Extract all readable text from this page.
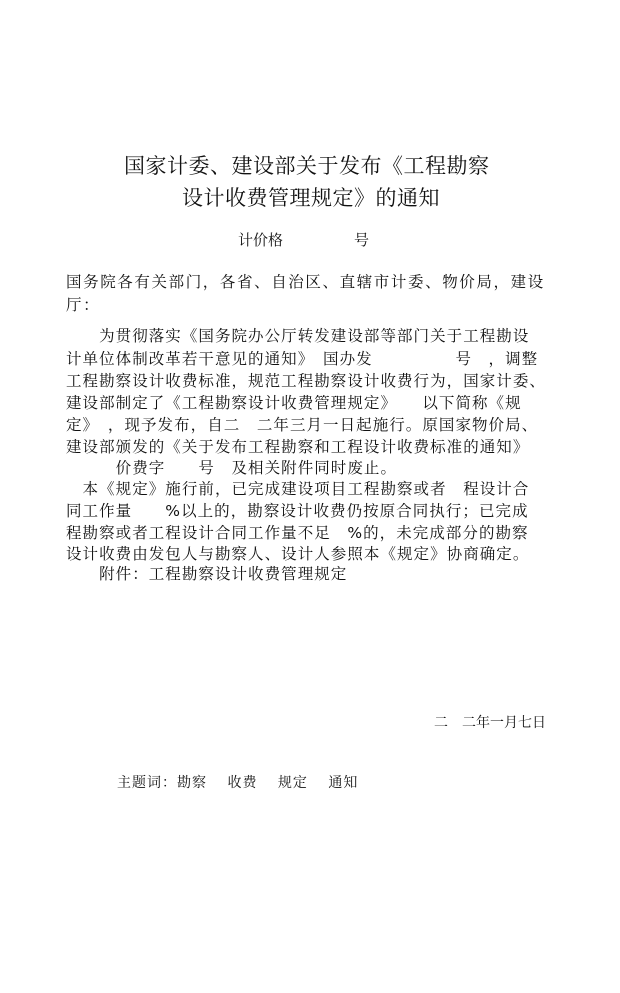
国家计委、建设部关于发布《工程勘察
设计收费管理规定》的通知
计价格	号
国务院各有关部门，各省、自治区、直辖市计委、物价局，建设
厅：
　　为贯彻落实《国务院办公厅转发建设部等部门关于工程勘设
计单位体制改革若干意见的通知》　国办发　　　　　号　，调整
工程勘察设计收费标准，规范工程勘察设计收费行为，国家计委、
建设部制定了《工程勘察设计收费管理规定》　　以下简称《规
定》　，现予发布，自二　二年三月一日起施行。原国家物价局、
建设部颁发的《关于发布工程勘察和工程设计收费标准的通知》
　　　价费字　　号　及相关附件同时废止。
　本《规定》施行前，已完成建设项目工程勘察或者　程设计合
同工作量　　%以上的，勘察设计收费仍按原合同执行；已完成
程勘察或者工程设计合同工作量不足　%的，未完成部分的勘察
设计收费由发包人与勘察人、设计人参照本《规定》协商确定。
　　附件：工程勘察设计收费管理规定
二　二年一月七日
主题词：勘察　 收费　 规定　 通知
